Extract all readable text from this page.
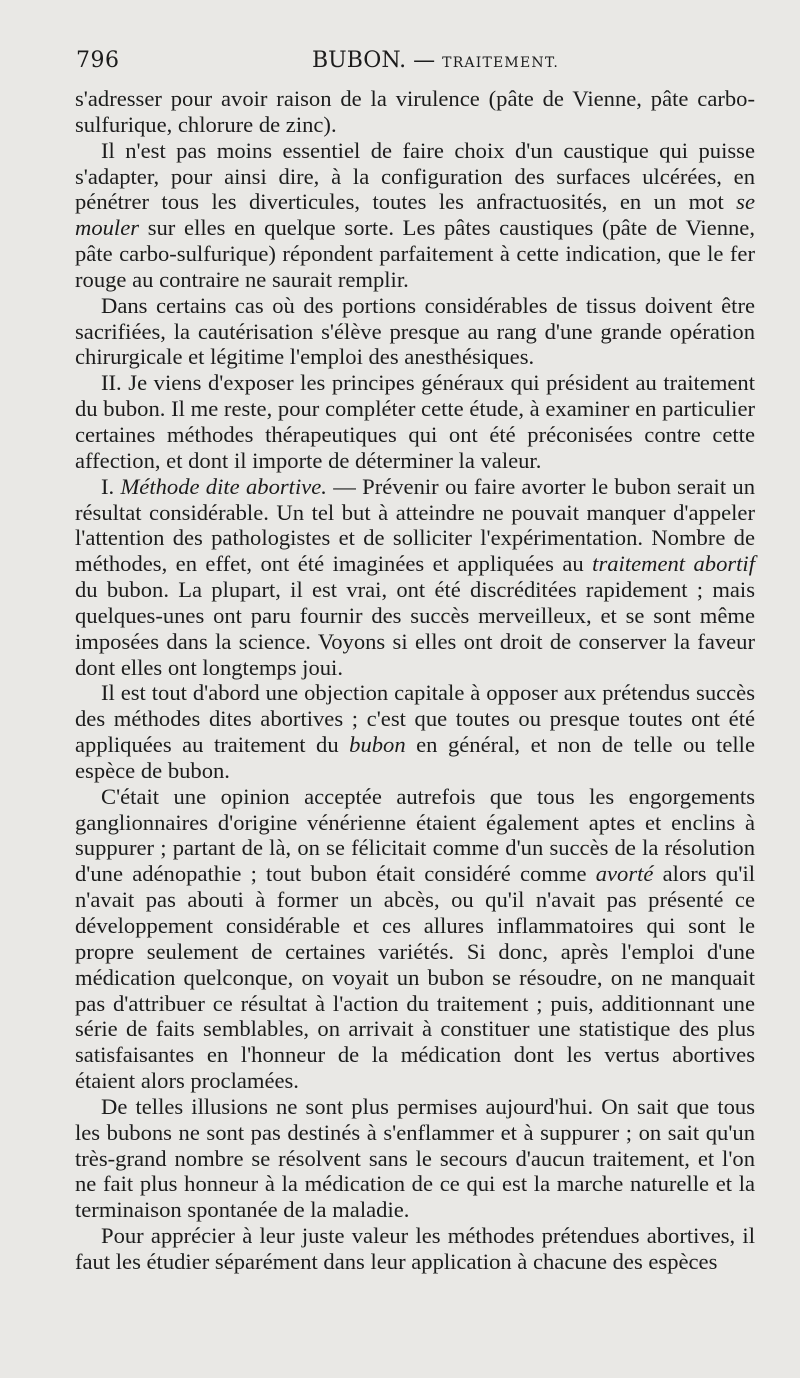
796	BUBON. — TRAITEMENT.

s'adresser pour avoir raison de la virulence (pâte de Vienne, pâte carbo-sulfurique, chlorure de zinc).

Il n'est pas moins essentiel de faire choix d'un caustique qui puisse s'adapter, pour ainsi dire, à la configuration des surfaces ulcérées, en pénétrer tous les diverticules, toutes les anfractuosités, en un mot se mouler sur elles en quelque sorte. Les pâtes caustiques (pâte de Vienne, pâte carbo-sulfurique) répondent parfaitement à cette indication, que le fer rouge au contraire ne saurait remplir.

Dans certains cas où des portions considérables de tissus doivent être sacrifiées, la cautérisation s'élève presque au rang d'une grande opération chirurgicale et légitime l'emploi des anesthésiques.

II. Je viens d'exposer les principes généraux qui président au traitement du bubon. Il me reste, pour compléter cette étude, à examiner en particulier certaines méthodes thérapeutiques qui ont été préconisées contre cette affection, et dont il importe de déterminer la valeur.

I. Méthode dite abortive. — Prévenir ou faire avorter le bubon serait un résultat considérable. Un tel but à atteindre ne pouvait manquer d'appeler l'attention des pathologistes et de solliciter l'expérimentation. Nombre de méthodes, en effet, ont été imaginées et appliquées au traitement abortif du bubon. La plupart, il est vrai, ont été discréditées rapidement ; mais quelques-unes ont paru fournir des succès merveilleux, et se sont même imposées dans la science. Voyons si elles ont droit de conserver la faveur dont elles ont longtemps joui.

Il est tout d'abord une objection capitale à opposer aux prétendus succès des méthodes dites abortives ; c'est que toutes ou presque toutes ont été appliquées au traitement du bubon en général, et non de telle ou telle espèce de bubon.

C'était une opinion acceptée autrefois que tous les engorgements ganglionnaires d'origine vénérienne étaient également aptes et enclins à suppurer ; partant de là, on se félicitait comme d'un succès de la résolution d'une adénopathie ; tout bubon était considéré comme avorté alors qu'il n'avait pas abouti à former un abcès, ou qu'il n'avait pas présenté ce développement considérable et ces allures inflammatoires qui sont le propre seulement de certaines variétés. Si donc, après l'emploi d'une médication quelconque, on voyait un bubon se résoudre, on ne manquait pas d'attribuer ce résultat à l'action du traitement ; puis, additionnant une série de faits semblables, on arrivait à constituer une statistique des plus satisfaisantes en l'honneur de la médication dont les vertus abortives étaient alors proclamées.

De telles illusions ne sont plus permises aujourd'hui. On sait que tous les bubons ne sont pas destinés à s'enflammer et à suppurer ; on sait qu'un très-grand nombre se résolvent sans le secours d'aucun traitement, et l'on ne fait plus honneur à la médication de ce qui est la marche naturelle et la terminaison spontanée de la maladie.

Pour apprécier à leur juste valeur les méthodes prétendues abortives, il faut les étudier séparément dans leur application à chacune des espèces
